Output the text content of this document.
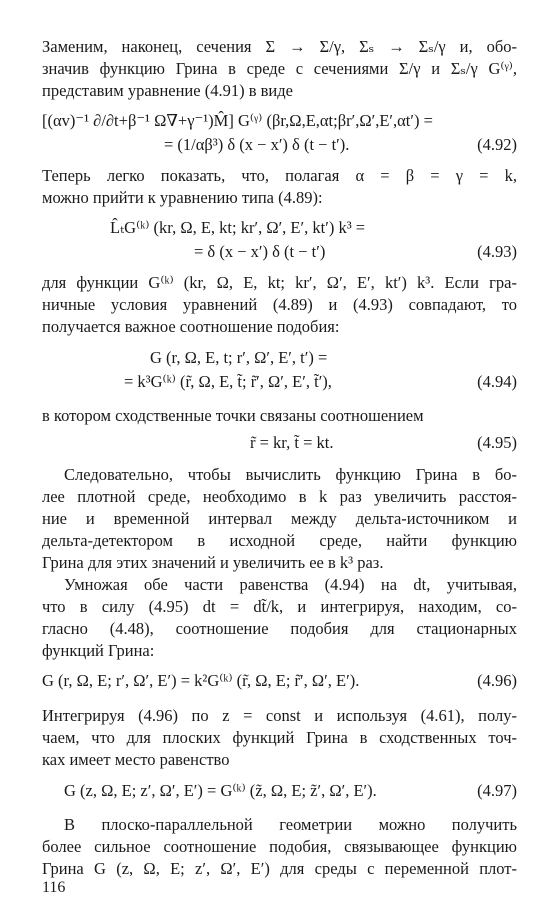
Заменим, наконец, сечения Σ → Σ/γ, Σₛ → Σₛ/γ и, обо-
значив функцию Грина в среде с сечениями Σ/γ и Σₛ/γ G⁽ᵞ⁾,
представим уравнение (4.91) в виде
[(αv)⁻¹ ∂/∂t+β⁻¹ Ω∇+γ⁻¹)M̂] G⁽ᵞ⁾ (βr,Ω,E,αt;βr′,Ω′,E′,αt′) =
= (1/αβ³) δ (x − x′) δ (t − t′).	(4.92)
Теперь легко показать, что, полагая α = β = γ = k,
можно прийти к уравнению типа (4.89):
L̂ₜG⁽ᵏ⁾ (kr, Ω, E, kt; kr′, Ω′, E′, kt′) k³ =
= δ (x − x′) δ (t − t′)	(4.93)
для функции G⁽ᵏ⁾ (kr, Ω, E, kt; kr′, Ω′, E′, kt′) k³. Если гра-
ничные условия уравнений (4.89) и (4.93) совпадают, то
получается важное соотношение подобия:
G (r, Ω, E, t; r′, Ω′, E′, t′) =
= k³G⁽ᵏ⁾ (r̃, Ω, E, t̃; r̃′, Ω′, E′, t̃′),	(4.94)
в котором сходственные точки связаны соотношением
r̃ = kr, t̃ = kt.	(4.95)
Следовательно, чтобы вычислить функцию Грина в бо-
лее плотной среде, необходимо в k раз увеличить расстоя-
ние и временной интервал между дельта-источником и
дельта-детектором в исходной среде, найти функцию
Грина для этих значений и увеличить ее в k³ раз.
Умножая обе части равенства (4.94) на dt, учитывая,
что в силу (4.95) dt = dt̃/k, и интегрируя, находим, со-
гласно (4.48), соотношение подобия для стационарных
функций Грина:
G (r, Ω, E; r′, Ω′, E′) = k²G⁽ᵏ⁾ (r̃, Ω, E; r̃′, Ω′, E′).	(4.96)
Интегрируя (4.96) по z = const и используя (4.61), полу-
чаем, что для плоских функций Грина в сходственных точ-
ках имеет место равенство
G (z, Ω, E; z′, Ω′, E′) = G⁽ᵏ⁾ (z̃, Ω, E; z̃′, Ω′, E′).	(4.97)
В плоско-параллельной геометрии можно получить
более сильное соотношение подобия, связывающее функцию
Грина G (z, Ω, E; z′, Ω′, E′) для среды с переменной плот-
116
